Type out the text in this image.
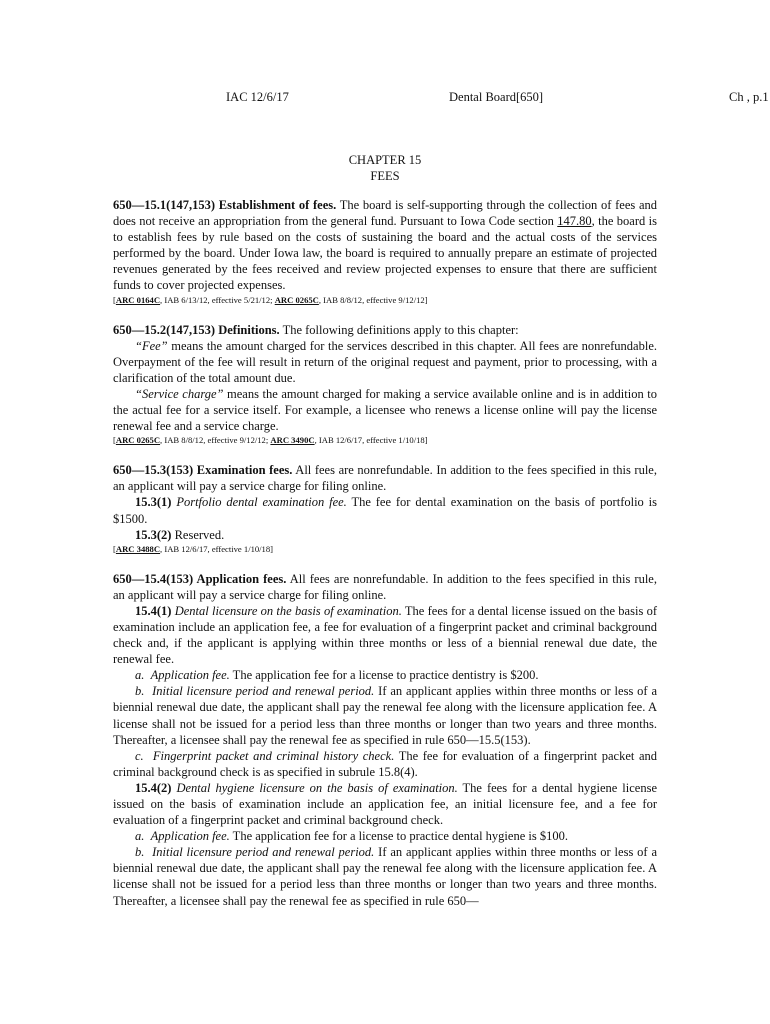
IAC 12/6/17	Dental Board[650]	Ch , p.1
CHAPTER 15
FEES

650—15.1(147,153) Establishment of fees. The board is self-supporting through the collection of fees and does not receive an appropriation from the general fund. Pursuant to Iowa Code section 147.80, the board is to establish fees by rule based on the costs of sustaining the board and the actual costs of the services performed by the board. Under Iowa law, the board is required to annually prepare an estimate of projected revenues generated by the fees received and review projected expenses to ensure that there are sufficient funds to cover projected expenses.

[ARC 0164C, IAB 6/13/12, effective 5/21/12; ARC 0265C, IAB 8/8/12, effective 9/12/12]

650—15.2(147,153) Definitions. The following definitions apply to this chapter:

“Fee” means the amount charged for the services described in this chapter. All fees are nonrefundable. Overpayment of the fee will result in return of the original request and payment, prior to processing, with a clarification of the total amount due.

“Service charge” means the amount charged for making a service available online and is in addition to the actual fee for a service itself. For example, a licensee who renews a license online will pay the license renewal fee and a service charge.

[ARC 0265C, IAB 8/8/12, effective 9/12/12; ARC 3490C, IAB 12/6/17, effective 1/10/18]

650—15.3(153) Examination fees. All fees are nonrefundable. In addition to the fees specified in this rule, an applicant will pay a service charge for filing online.

15.3(1) Portfolio dental examination fee. The fee for dental examination on the basis of portfolio is $1500.

15.3(2) Reserved.

[ARC 3488C, IAB 12/6/17, effective 1/10/18]

650—15.4(153) Application fees. All fees are nonrefundable. In addition to the fees specified in this rule, an applicant will pay a service charge for filing online.

15.4(1) Dental licensure on the basis of examination. The fees for a dental license issued on the basis of examination include an application fee, a fee for evaluation of a fingerprint packet and criminal background check and, if the applicant is applying within three months or less of a biennial renewal due date, the renewal fee.

a. Application fee. The application fee for a license to practice dentistry is $200.

b. Initial licensure period and renewal period. If an applicant applies within three months or less of a biennial renewal due date, the applicant shall pay the renewal fee along with the licensure application fee. A license shall not be issued for a period less than three months or longer than two years and three months. Thereafter, a licensee shall pay the renewal fee as specified in rule 650—15.5(153).

c. Fingerprint packet and criminal history check. The fee for evaluation of a fingerprint packet and criminal background check is as specified in subrule 15.8(4).

15.4(2) Dental hygiene licensure on the basis of examination. The fees for a dental hygiene license issued on the basis of examination include an application fee, an initial licensure fee, and a fee for evaluation of a fingerprint packet and criminal background check.

a. Application fee. The application fee for a license to practice dental hygiene is $100.

b. Initial licensure period and renewal period. If an applicant applies within three months or less of a biennial renewal due date, the applicant shall pay the renewal fee along with the licensure application fee. A license shall not be issued for a period less than three months or longer than two years and three months. Thereafter, a licensee shall pay the renewal fee as specified in rule 650—
